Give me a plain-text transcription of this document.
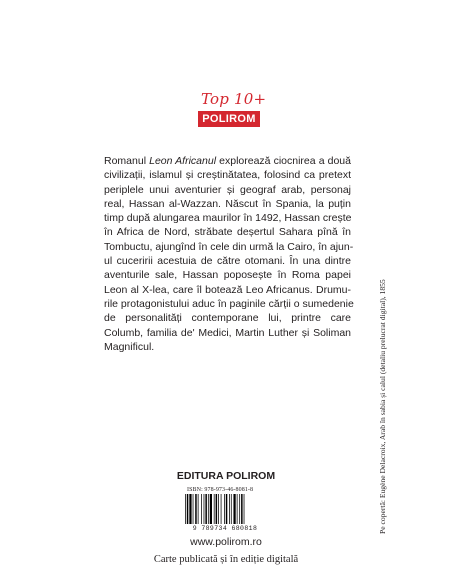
Top 10+
POLIROM
Romanul Leon Africanul explorează ciocnirea a două
civilizații, islamul și creștinătatea, folosind ca pretext
periplele unui aventurier și geograf arab, personaj
real, Hassan al-Wazzan. Născut în Spania, la puțin
timp după alungarea maurilor în 1492, Hassan crește
în Africa de Nord, străbate deșertul Sahara pînă în
Tombuctu, ajungînd în cele din urmă la Cairo, în ajun-
ul cuceririi acestuia de către otomani. În una dintre
aventurile sale, Hassan poposește în Roma papei
Leon al X-lea, care îl botează Leo Africanus. Drumu-
rile protagonistului aduc în paginile cărții o sumedenie
de personalități contemporane lui, printre care
Columb, familia de' Medici, Martin Luther și Soliman
Magnificul.
EDITURA POLIROM
ISBN: 978-973-46-8081-8
9 789734 680818
www.polirom.ro
Carte publicată și în ediție digitală
Pe copertă: Eugène Delacroix, Arab în sabia și calul (detaliu prelucrat digital), 1855
